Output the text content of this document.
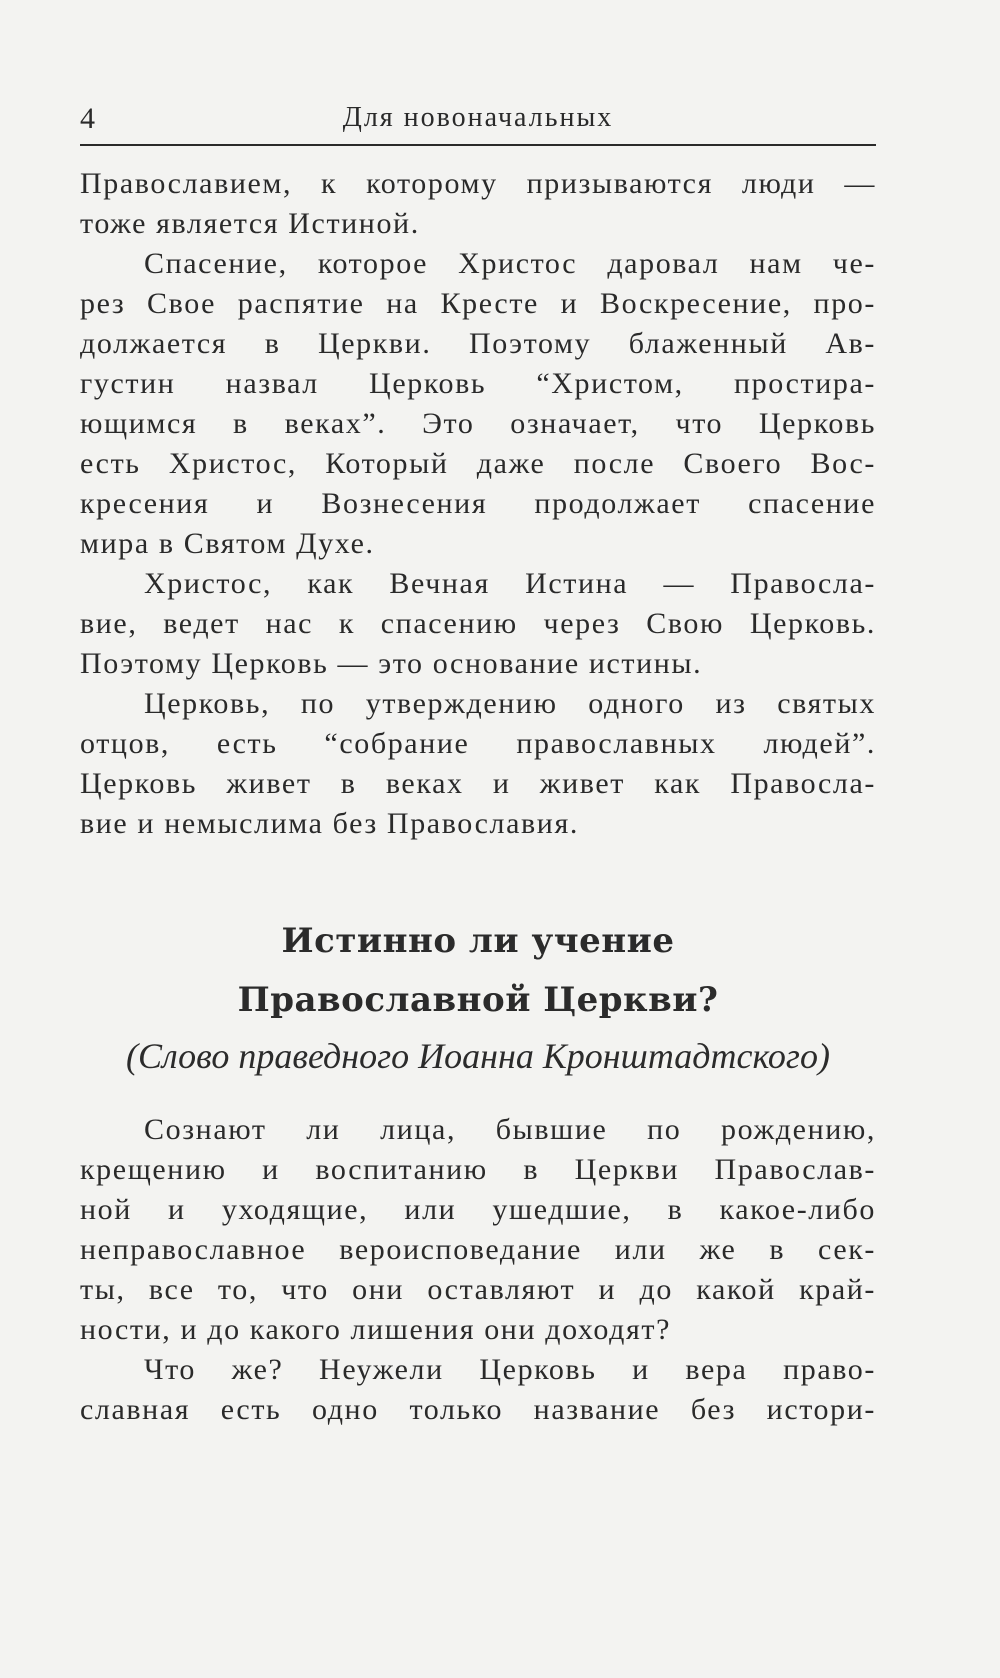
4	Для новоначальных
Православием, к которому призываются люди —
тоже является Истиной.
Спасение, которое Христос даровал нам че-
рез Свое распятие на Кресте и Воскресение, про-
должается в Церкви. Поэтому блаженный Ав-
густин назвал Церковь “Христом, простира-
ющимся в веках”. Это означает, что Церковь
есть Христос, Который даже после Своего Вос-
кресения и Вознесения продолжает спасение
мира в Святом Духе.
Христос, как Вечная Истина — Правосла-
вие, ведет нас к спасению через Свою Церковь.
Поэтому Церковь — это основание истины.
Церковь, по утверждению одного из святых
отцов, есть “собрание православных людей”.
Церковь живет в веках и живет как Правосла-
вие и немыслима без Православия.
Истинно ли учение
Православной Церкви?
(Слово праведного Иоанна Кронштадтского)
Сознают ли лица, бывшие по рождению,
крещению и воспитанию в Церкви Православ-
ной и уходящие, или ушедшие, в какое-либо
неправославное вероисповедание или же в сек-
ты, все то, что они оставляют и до какой край-
ности, и до какого лишения они доходят?
Что же? Неужели Церковь и вера право-
славная есть одно только название без истори-
